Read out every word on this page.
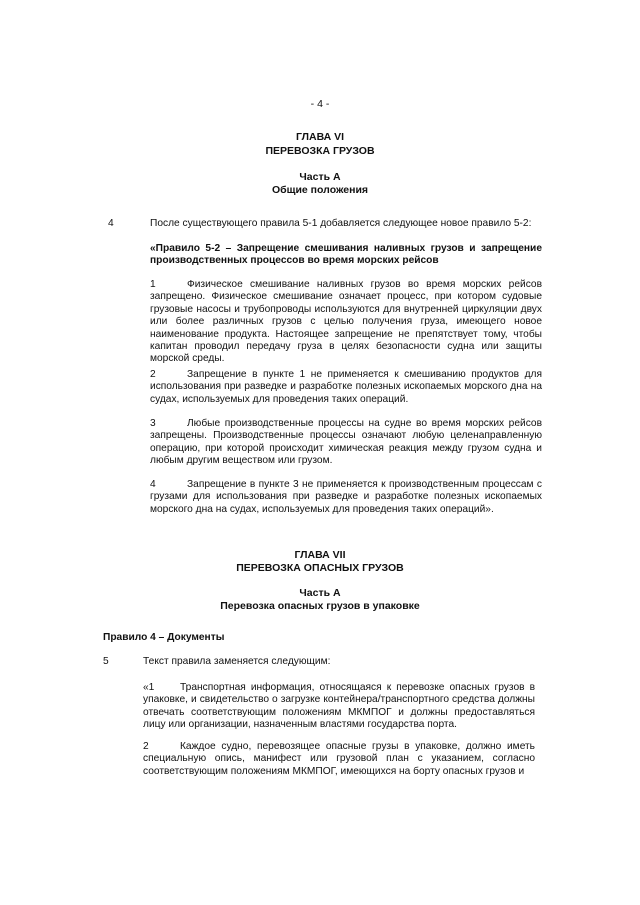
- 4 -
ГЛАВА VI
ПЕРЕВОЗКА ГРУЗОВ
Часть A
Общие положения
4	После существующего правила 5-1 добавляется следующее новое правило 5-2:
«Правило 5-2 – Запрещение смешивания наливных грузов и запрещение производственных процессов во время морских рейсов
1	Физическое смешивание наливных грузов во время морских рейсов запрещено. Физическое смешивание означает процесс, при котором судовые грузовые насосы и трубопроводы используются для внутренней циркуляции двух или более различных грузов с целью получения груза, имеющего новое наименование продукта. Настоящее запрещение не препятствует тому, чтобы капитан проводил передачу груза в целях безопасности судна или защиты морской среды.
2	Запрещение в пункте 1 не применяется к смешиванию продуктов для использования при разведке и разработке полезных ископаемых морского дна на судах, используемых для проведения таких операций.
3	Любые производственные процессы на судне во время морских рейсов запрещены. Производственные процессы означают любую целенаправленную операцию, при которой происходит химическая реакция между грузом судна и любым другим веществом или грузом.
4	Запрещение в пункте 3 не применяется к производственным процессам с грузами для использования при разведке и разработке полезных ископаемых морского дна на судах, используемых для проведения таких операций».
ГЛАВА VII
ПЕРЕВОЗКА ОПАСНЫХ ГРУЗОВ
Часть A
Перевозка опасных грузов в упаковке
Правило 4 – Документы
5	Текст правила заменяется следующим:
«1	Транспортная информация, относящаяся к перевозке опасных грузов в упаковке, и свидетельство о загрузке контейнера/транспортного средства должны отвечать соответствующим положениям МКМПОГ и должны предоставляться лицу или организации, назначенным властями государства порта.
2	Каждое судно, перевозящее опасные грузы в упаковке, должно иметь специальную опись, манифест или грузовой план с указанием, согласно соответствующим положениям МКМПОГ, имеющихся на борту опасных грузов и
